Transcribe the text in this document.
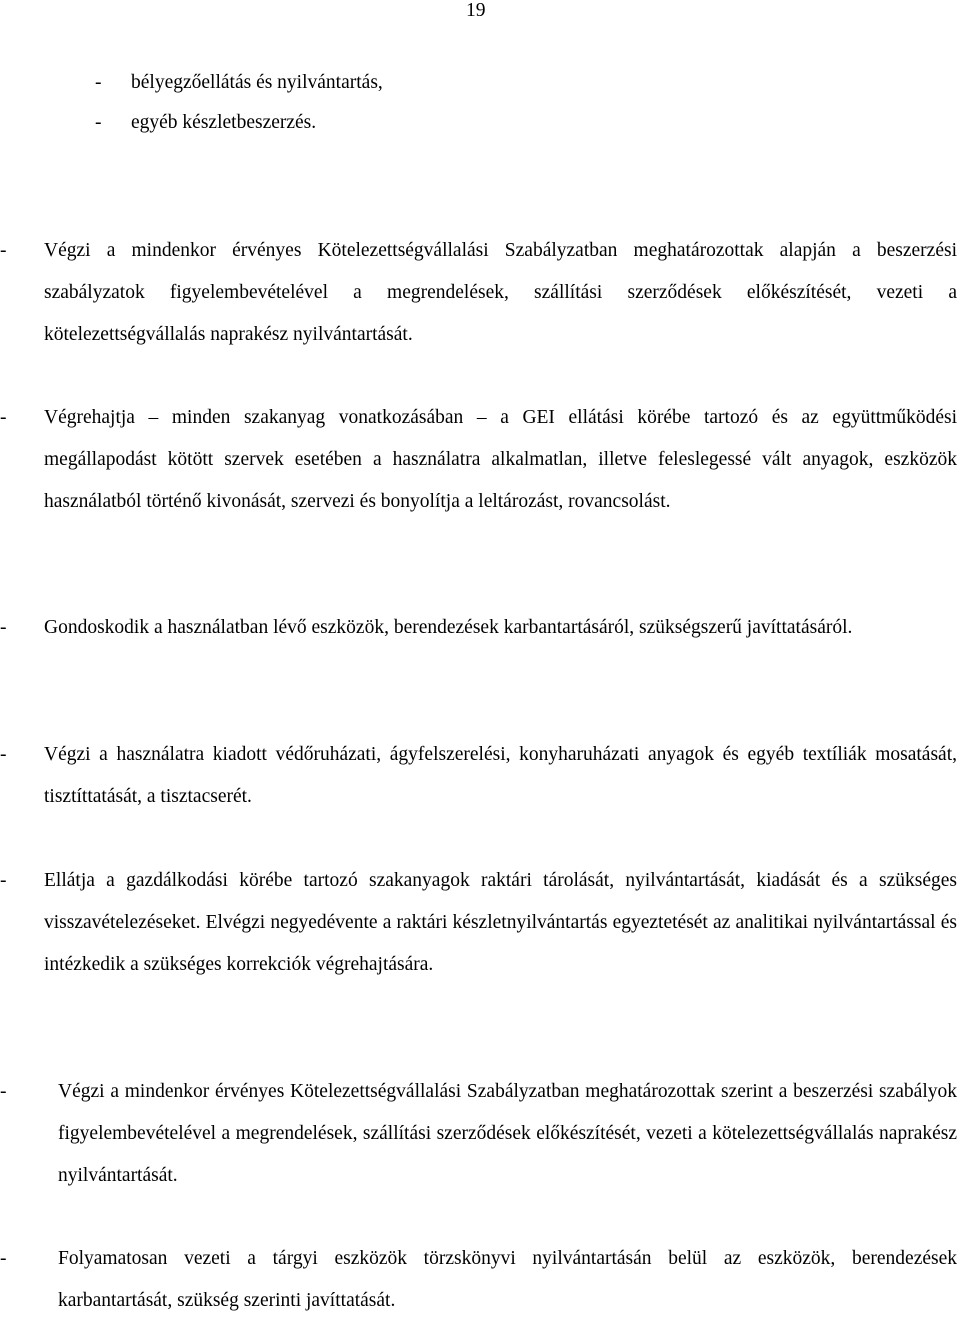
19
- bélyegzőellátás és nyilvántartás,
- egyéb készletbeszerzés.
-	Végzi a mindenkor érvényes Kötelezettségvállalási Szabályzatban meghatározottak alapján a beszerzési szabályzatok figyelembevételével a megrendelések, szállítási szerződések előkészítését, vezeti a kötelezettségvállalás naprakész nyilvántartását.
-	Végrehajtja – minden szakanyag vonatkozásában – a GEI ellátási körébe tartozó és az együttműködési megállapodást kötött szervek esetében a használatra alkalmatlan, illetve feleslegessé vált anyagok, eszközök használatból történő kivonását, szervezi és bonyolítja a leltározást, rovancsolást.
-	Gondoskodik a használatban lévő eszközök, berendezések karbantartásáról, szükségszerű javíttatásáról.
-	Végzi a használatra kiadott védőruházati, ágyfelszerelési, konyharuházati anyagok és egyéb textíliák mosatását, tisztíttatását, a tisztacserét.
-	Ellátja a gazdálkodási körébe tartozó szakanyagok raktári tárolását, nyilvántartását, kiadását és a szükséges visszavételezéseket. Elvégzi negyedévente a raktári készletnyilvántartás egyeztetését az analitikai nyilvántartással és intézkedik a szükséges korrekciók végrehajtására.
-	Végzi a mindenkor érvényes Kötelezettségvállalási Szabályzatban meghatározottak szerint a beszerzési szabályok figyelembevételével a megrendelések, szállítási szerződések előkészítését, vezeti a kötelezettségvállalás naprakész nyilvántartását.
-	Folyamatosan vezeti a tárgyi eszközök törzskönyvi nyilvántartásán belül az eszközök, berendezések karbantartását, szükség szerinti javíttatását.
